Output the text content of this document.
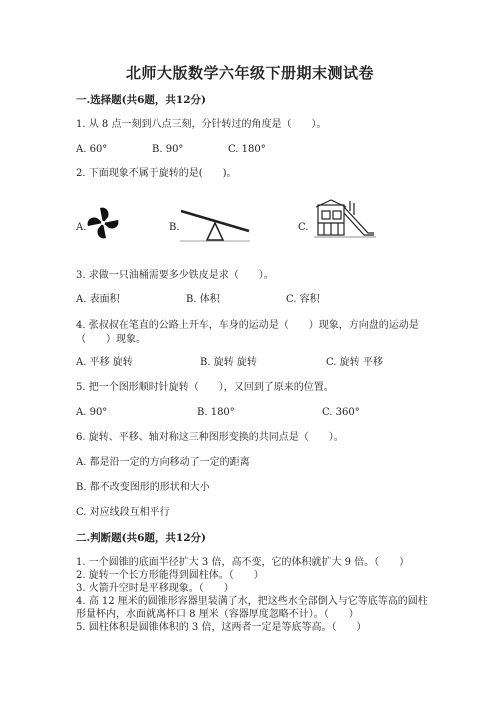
北师大版数学六年级下册期末测试卷
一.选择题(共6题，共12分)
1. 从 8 点一刻到八点三刻，分针转过的角度是（　　）。
A. 60°	B. 90°	C. 180°
2. 下面现象不属于旋转的是(　　)。
A.	B.	C.
3. 求做一只油桶需要多少铁皮是求（　　）。
A. 表面积	B. 体积	C. 容积
4. 张叔叔在笔直的公路上开车，车身的运动是（　　）现象，方向盘的运动是
（　　）现象。
A. 平移 旋转	B. 旋转 旋转	C. 旋转 平移
5. 把一个图形顺时针旋转（　　），又回到了原来的位置。
A. 90°	B. 180°	C. 360°
6. 旋转、平移、轴对称这三种图形变换的共同点是（　　）。
A. 都是沿一定的方向移动了一定的距离
B. 都不改变图形的形状和大小
C. 对应线段互相平行
二.判断题(共6题，共12分)
1. 一个圆锥的底面半径扩大 3 倍，高不变，它的体积就扩大 9 倍。（　　）
2. 旋转一个长方形能得到圆柱体。（　　）
3. 火箭升空时是平移现象。（　　）
4. 高 12 厘米的圆锥形容器里装满了水，把这些水全部倒入与它等底等高的圆柱
形量杯内，水面就离杯口 8 厘米（容器厚度忽略不计）。（　　）
5. 圆柱体积是圆锥体积的 3 倍，这两者一定是等底等高。（　　）
